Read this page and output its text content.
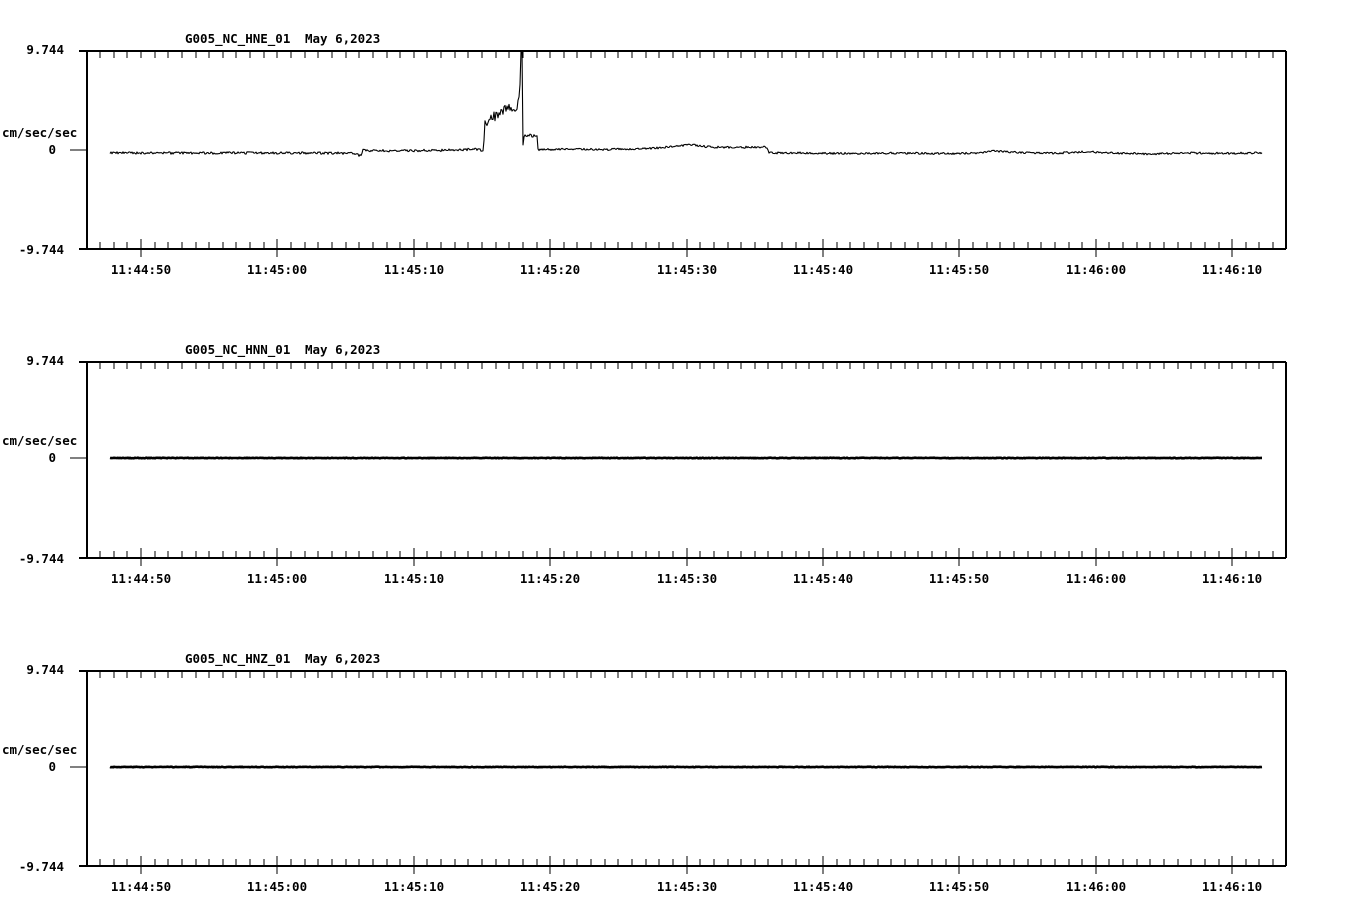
G005_NC_HNE_01 May 6,2023
9.744
cm/sec/sec
0
-9.744
11:44:50	11:45:00	11:45:10	11:45:20	11:45:30	11:45:40	11:45:50	11:46:00	11:46:10
G005_NC_HNN_01 May 6,2023
9.744
cm/sec/sec
0
-9.744
11:44:50	11:45:00	11:45:10	11:45:20	11:45:30	11:45:40	11:45:50	11:46:00	11:46:10
G005_NC_HNZ_01 May 6,2023
9.744
cm/sec/sec
0
-9.744
11:44:50	11:45:00	11:45:10	11:45:20	11:45:30	11:45:40	11:45:50	11:46:00	11:46:10
